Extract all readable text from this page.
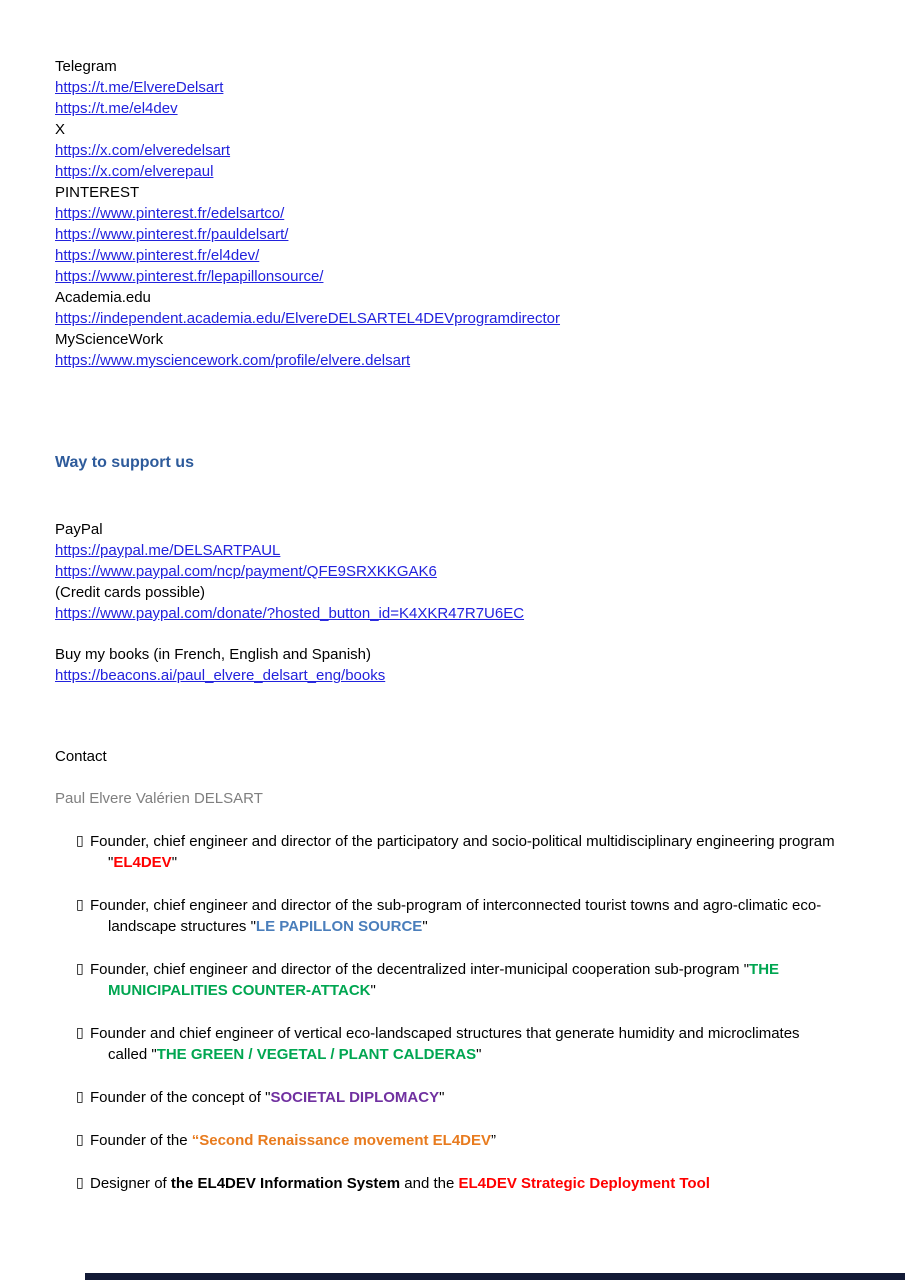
Telegram
https://t.me/ElvereDelsart
https://t.me/el4dev
X
https://x.com/elveredelsart
https://x.com/elverepaul
PINTEREST
https://www.pinterest.fr/edelsartco/
https://www.pinterest.fr/pauldelsart/
https://www.pinterest.fr/el4dev/
https://www.pinterest.fr/lepapillonsource/
Academia.edu
https://independent.academia.edu/ElvereDELSARTEL4DEVprogramdirector
MyScienceWork
https://www.mysciencework.com/profile/elvere.delsart
Way to support us
PayPal
https://paypal.me/DELSARTPAUL
https://www.paypal.com/ncp/payment/QFE9SRXKKGAK6
(Credit cards possible)
https://www.paypal.com/donate/?hosted_button_id=K4XKR47R7U6EC
Buy my books (in French, English and Spanish)
https://beacons.ai/paul_elvere_delsart_eng/books
Contact
Paul Elvere Valérien DELSART
▯ Founder, chief engineer and director of the participatory and socio-political multidisciplinary engineering program
"EL4DEV"
▯ Founder, chief engineer and director of the sub-program of interconnected tourist towns and agro-climatic eco-
landscape structures "LE PAPILLON SOURCE"
▯ Founder, chief engineer and director of the decentralized inter-municipal cooperation sub-program "THE
MUNICIPALITIES COUNTER-ATTACK"
▯ Founder and chief engineer of vertical eco-landscaped structures that generate humidity and microclimates
called "THE GREEN / VEGETAL / PLANT CALDERAS"
▯ Founder of the concept of "SOCIETAL DIPLOMACY"
▯ Founder of the “Second Renaissance movement EL4DEV”
▯ Designer of the EL4DEV Information System and the EL4DEV Strategic Deployment Tool
